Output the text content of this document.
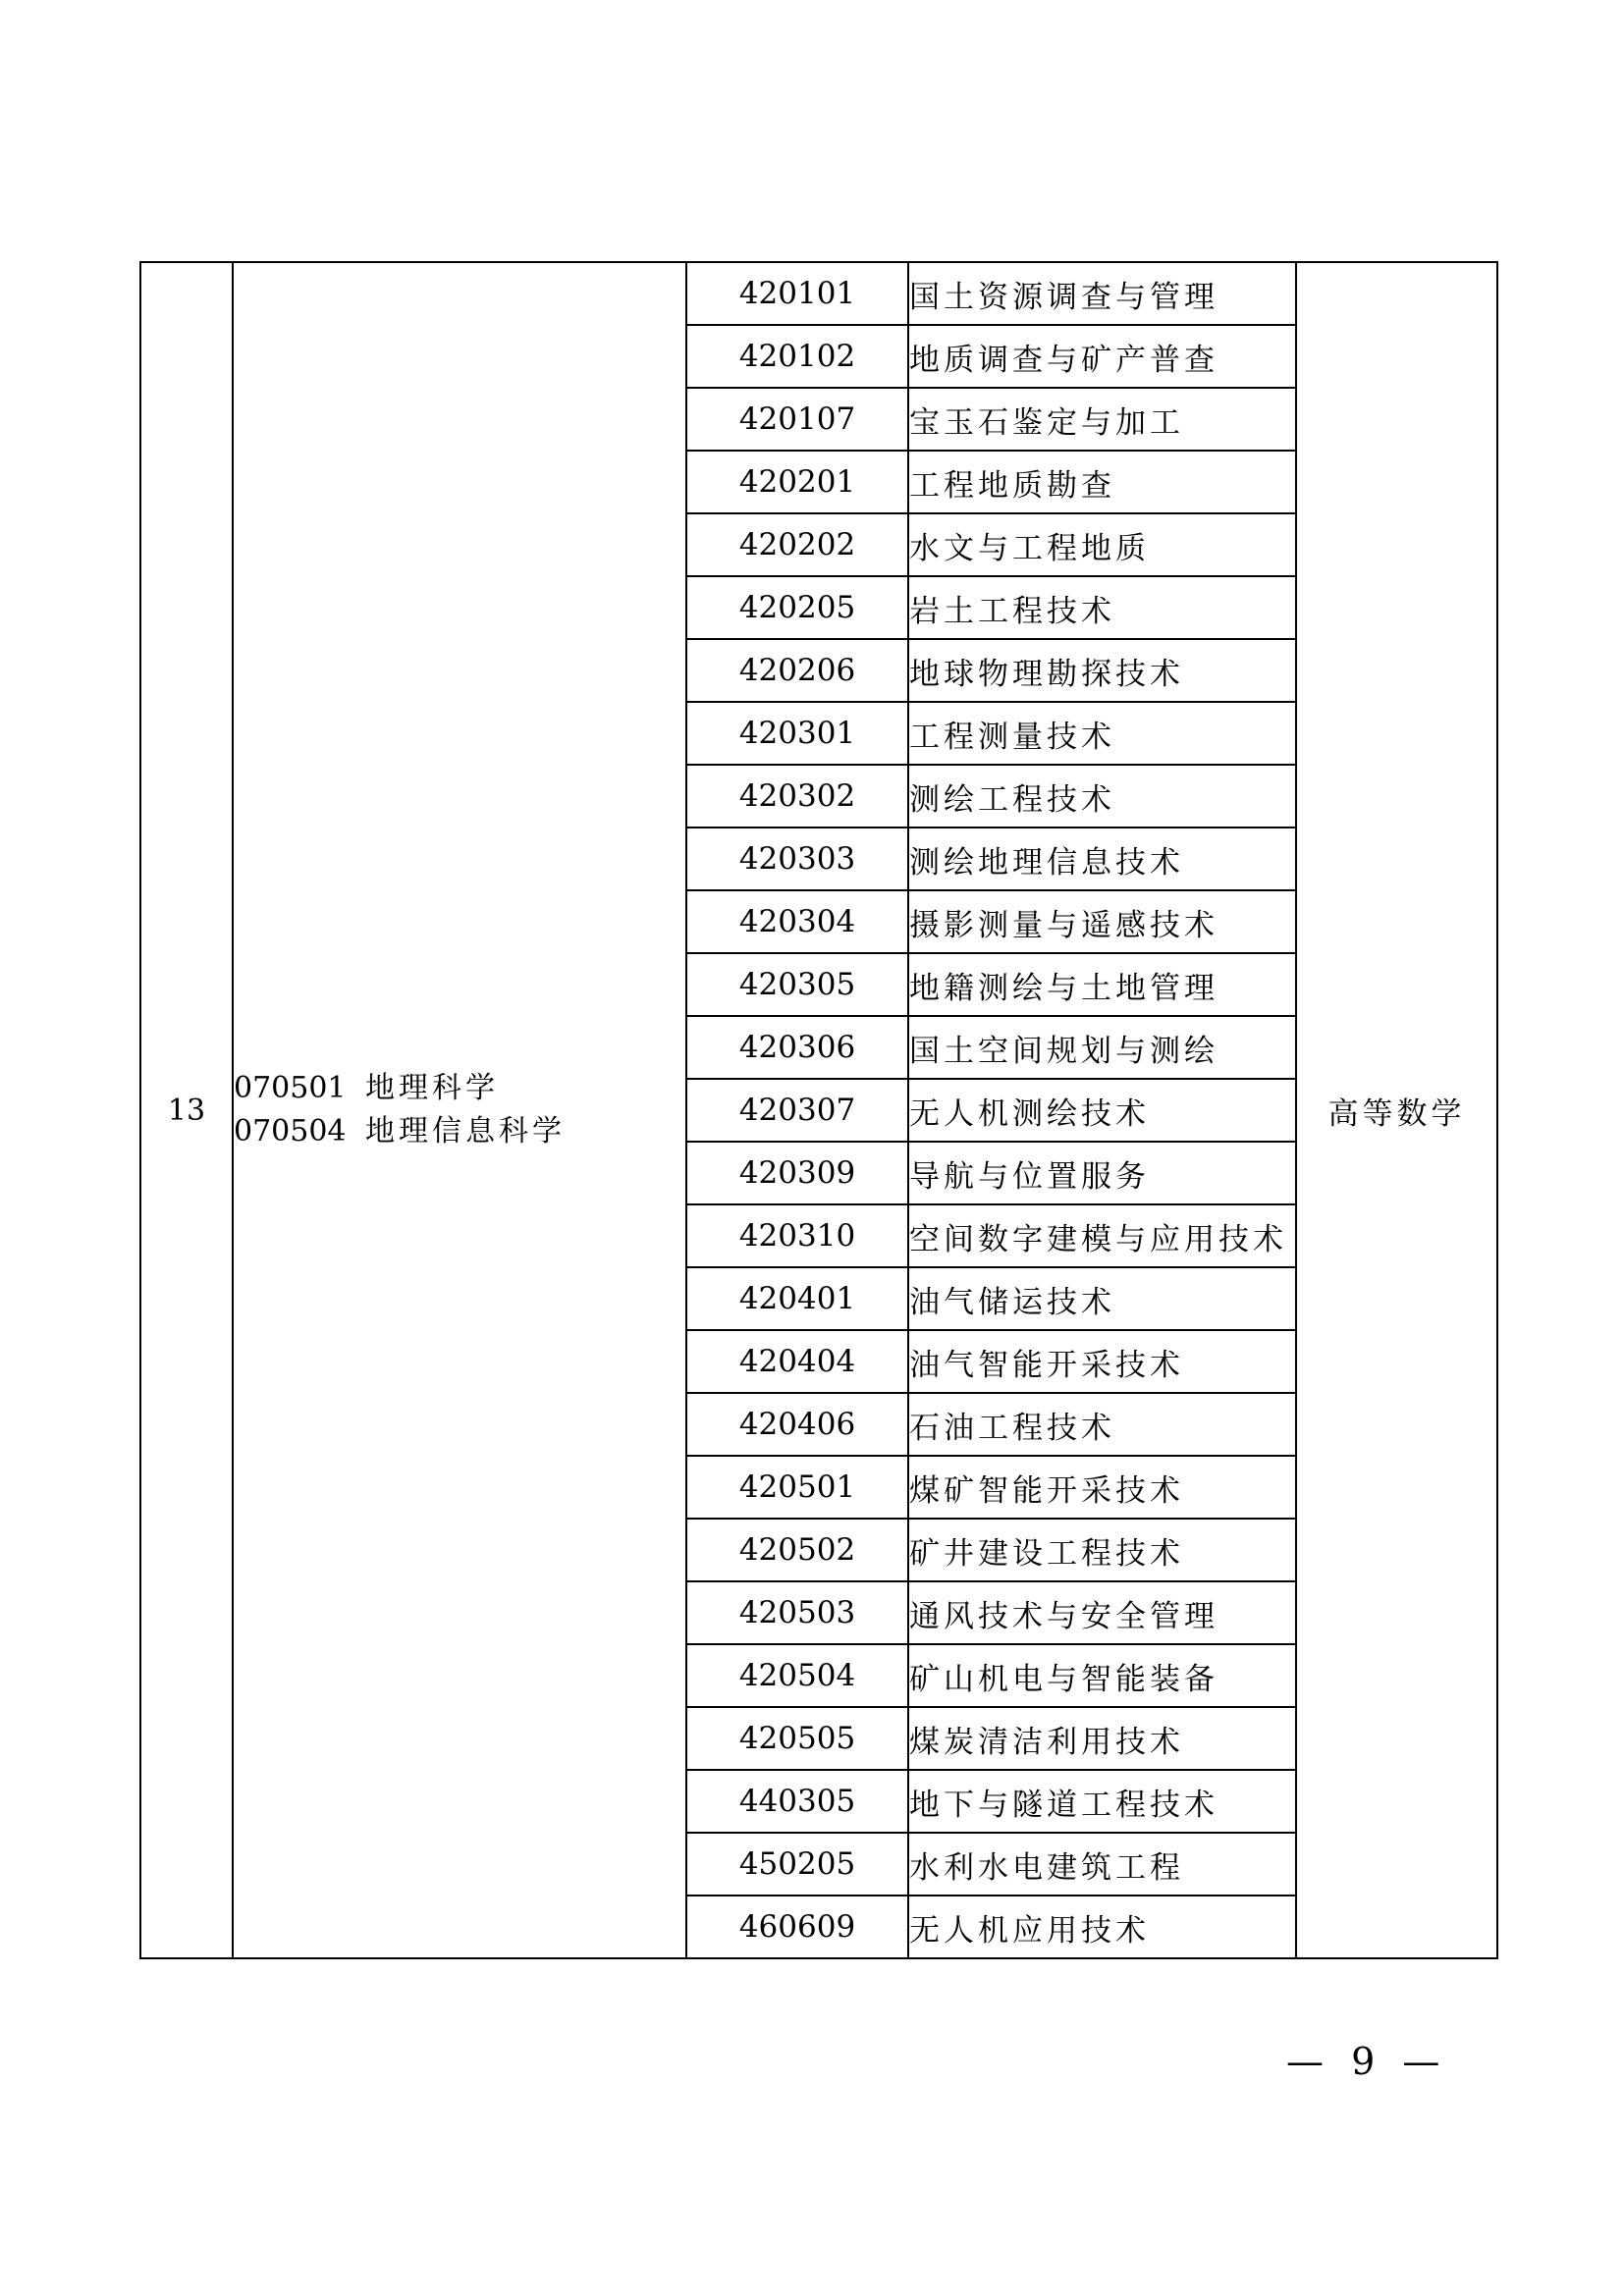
13	070501 地理科学
070504 地理信息科学	420101	国土资源调查与管理	高等数学
		420102	地质调查与矿产普查	
		420107	宝玉石鉴定与加工	
		420201	工程地质勘查	
		420202	水文与工程地质	
		420205	岩土工程技术	
		420206	地球物理勘探技术	
		420301	工程测量技术	
		420302	测绘工程技术	
		420303	测绘地理信息技术	
		420304	摄影测量与遥感技术	
		420305	地籍测绘与土地管理	
		420306	国土空间规划与测绘	
		420307	无人机测绘技术	
		420309	导航与位置服务	
		420310	空间数字建模与应用技术	
		420401	油气储运技术	
		420404	油气智能开采技术	
		420406	石油工程技术	
		420501	煤矿智能开采技术	
		420502	矿井建设工程技术	
		420503	通风技术与安全管理	
		420504	矿山机电与智能装备	
		420505	煤炭清洁利用技术	
		440305	地下与隧道工程技术	
		450205	水利水电建筑工程	
		460609	无人机应用技术	
— 9 —
